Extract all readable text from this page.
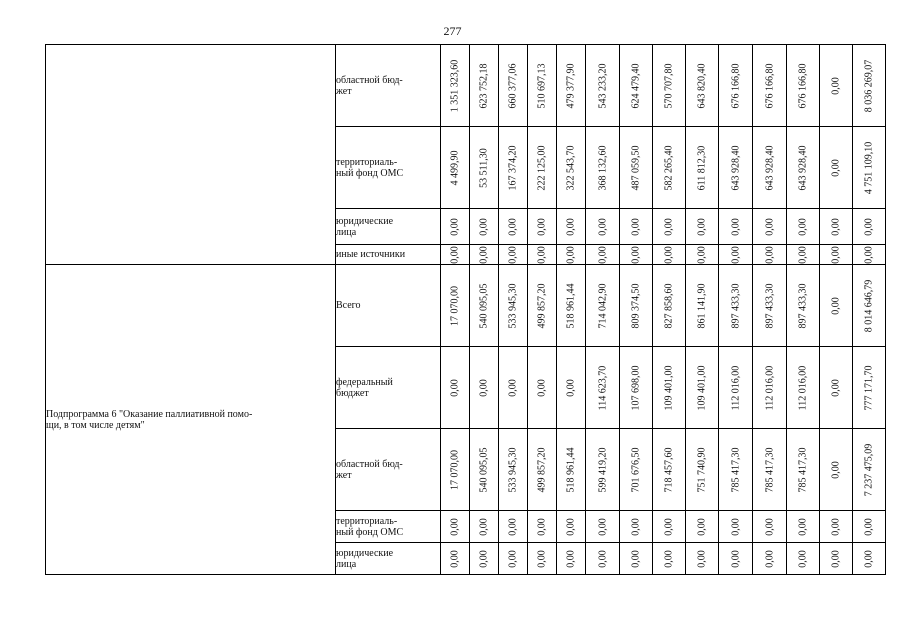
277
	областной бюд-
жет	1 351 323,60	623 752,18	660 377,06	510 697,13	479 377,90	543 233,20	624 479,40	570 707,80	643 820,40	676 166,80	676 166,80	676 166,80	0,00	8 036 269,07

	территориаль-
ный фонд ОМС	4 499,90	53 511,30	167 374,20	222 125,00	322 543,70	368 132,60	487 059,50	582 265,40	611 812,30	643 928,40	643 928,40	643 928,40	0,00	4 751 109,10

	юридические
лица	0,00	0,00	0,00	0,00	0,00	0,00	0,00	0,00	0,00	0,00	0,00	0,00	0,00	0,00

	иные источники	0,00	0,00	0,00	0,00	0,00	0,00	0,00	0,00	0,00	0,00	0,00	0,00	0,00	0,00

Подпрограмма 6 "Оказание паллиативной помо-
щи, в том числе детям"	Всего	17 070,00	540 095,05	533 945,30	499 857,20	518 961,44	714 042,90	809 374,50	827 858,60	861 141,90	897 433,30	897 433,30	897 433,30	0,00	8 014 646,79

	федеральный
бюджет	0,00	0,00	0,00	0,00	0,00	114 623,70	107 698,00	109 401,00	109 401,00	112 016,00	112 016,00	112 016,00	0,00	777 171,70

	областной бюд-
жет	17 070,00	540 095,05	533 945,30	499 857,20	518 961,44	599 419,20	701 676,50	718 457,60	751 740,90	785 417,30	785 417,30	785 417,30	0,00	7 237 475,09

	территориаль-
ный фонд ОМС	0,00	0,00	0,00	0,00	0,00	0,00	0,00	0,00	0,00	0,00	0,00	0,00	0,00	0,00

	юридические
лица	0,00	0,00	0,00	0,00	0,00	0,00	0,00	0,00	0,00	0,00	0,00	0,00	0,00	0,00
